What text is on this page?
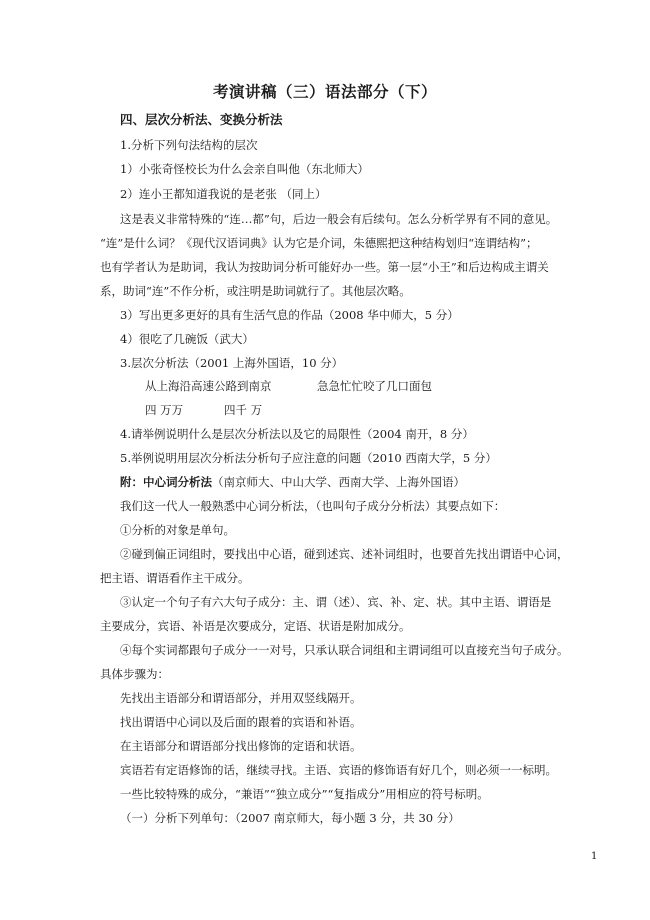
考演讲稿（三）语法部分（下）
四、层次分析法、变换分析法
1.分析下列句法结构的层次
1）小张奇怪校长为什么会亲自叫他（东北师大）
2）连小王都知道我说的是老张 （同上）
这是表义非常特殊的“连…都”句，后边一般会有后续句。怎么分析学界有不同的意见。
“连”是什么词？《现代汉语词典》认为它是介词，朱德熙把这种结构划归“连谓结构”；
也有学者认为是助词，我认为按助词分析可能好办一些。第一层“小王”和后边构成主谓关
系，助词“连”不作分析，或注明是助词就行了。其他层次略。
3）写出更多更好的具有生活气息的作品（2008 华中师大，5 分）
4）很吃了几碗饭（武大）
3.层次分析法（2001 上海外国语，10 分）
从上海沿高速公路到南京	急急忙忙咬了几口面包
四 万万	四千 万
4.请举例说明什么是层次分析法以及它的局限性（2004 南开，8 分）
5.举例说明用层次分析法分析句子应注意的问题（2010 西南大学，5 分）
附：中心词分析法（南京师大、中山大学、西南大学、上海外国语）
我们这一代人一般熟悉中心词分析法，（也叫句子成分分析法）其要点如下：
①分析的对象是单句。
②碰到偏正词组时，要找出中心语，碰到述宾、述补词组时，也要首先找出谓语中心词，
把主语、谓语看作主干成分。
③认定一个句子有六大句子成分：主、谓（述）、宾、补、定、状。其中主语、谓语是
主要成分，宾语、补语是次要成分，定语、状语是附加成分。
④每个实词都跟句子成分一一对号，只承认联合词组和主谓词组可以直接充当句子成分。
具体步骤为：
先找出主语部分和谓语部分，并用双竖线隔开。
找出谓语中心词以及后面的跟着的宾语和补语。
在主语部分和谓语部分找出修饰的定语和状语。
宾语若有定语修饰的话，继续寻找。主语、宾语的修饰语有好几个，则必须一一标明。
一些比较特殊的成分，“兼语”“独立成分”“复指成分”用相应的符号标明。
（一）分析下列单句：（2007 南京师大，每小题 3 分，共 30 分）
1
